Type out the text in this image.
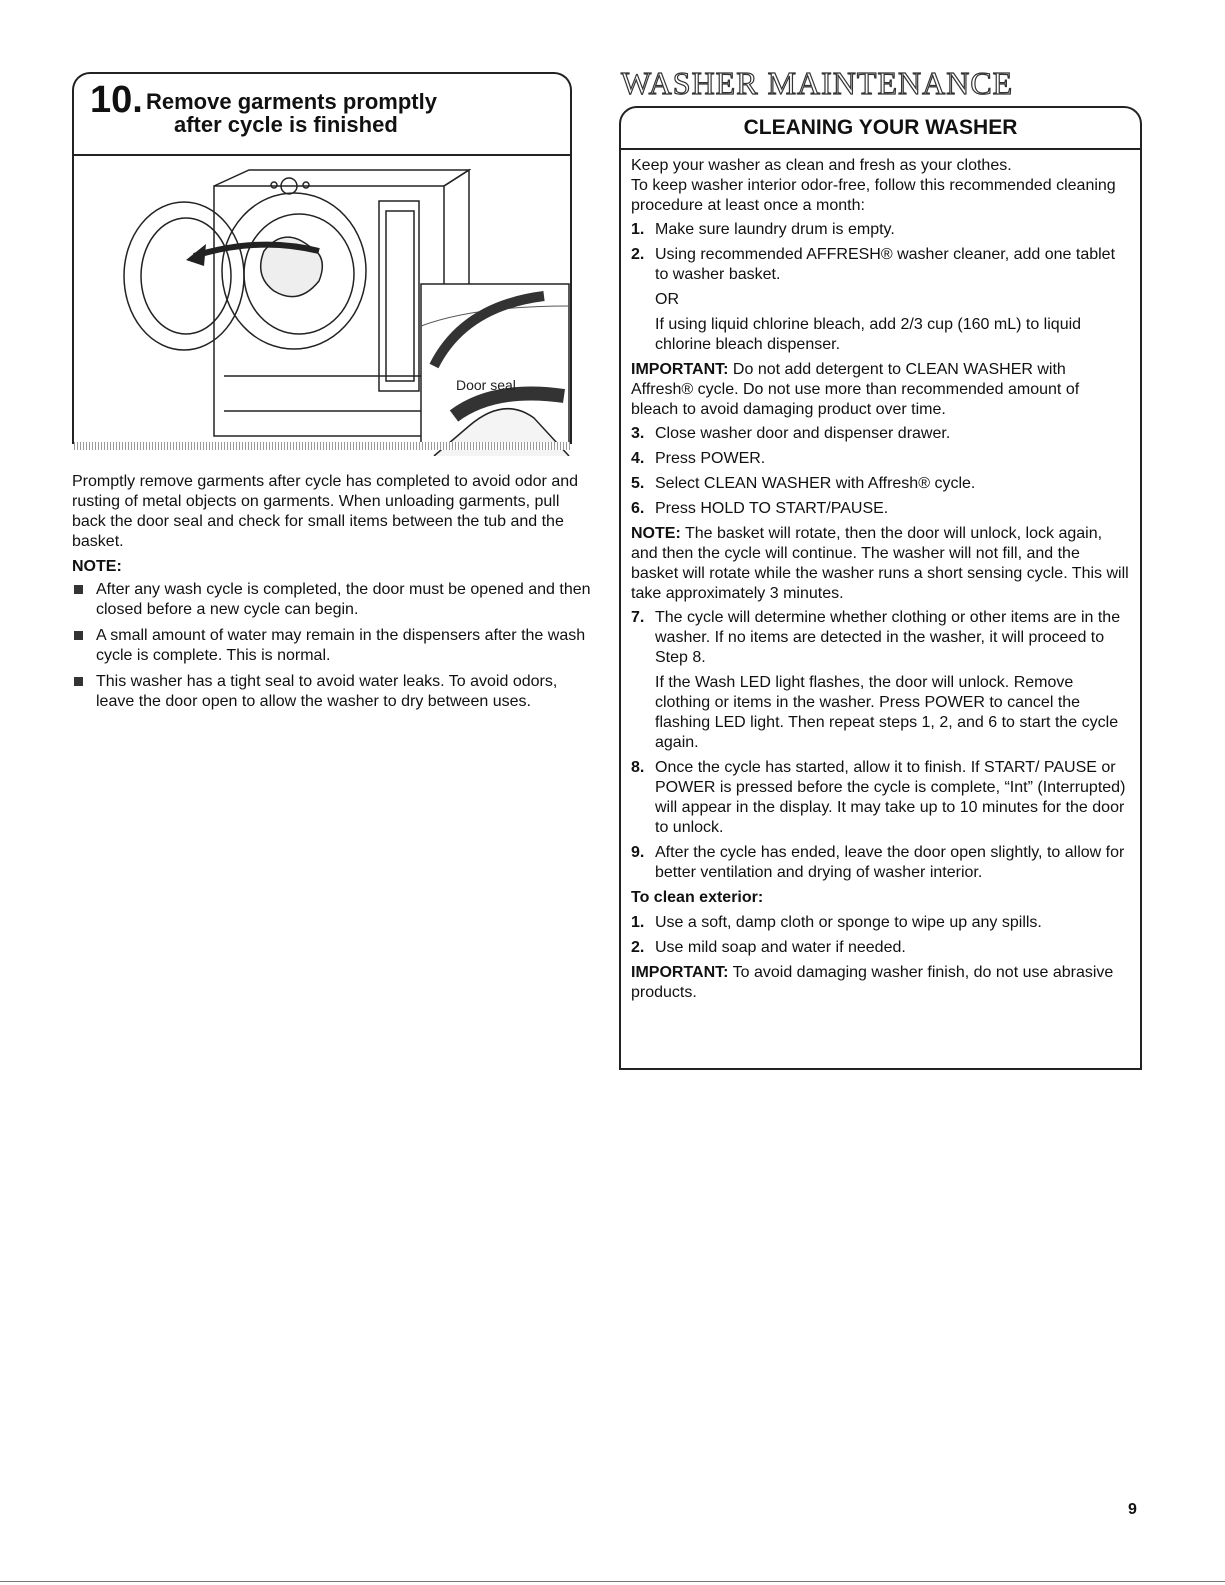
10. Remove garments promptly
after cycle is finished
Door seal

Promptly remove garments after cycle has completed to avoid odor and rusting of metal objects on garments. When unloading garments, pull back the door seal and check for small items between the tub and the basket.

NOTE:
After any wash cycle is completed, the door must be opened and then closed before a new cycle can begin.
A small amount of water may remain in the dispensers after the wash cycle is complete. This is normal.
This washer has a tight seal to avoid water leaks. To avoid odors, leave the door open to allow the washer to dry between uses.
WASHER MAINTENANCE
CLEANING YOUR WASHER

Keep your washer as clean and fresh as your clothes.

To keep washer interior odor-free, follow this recommended cleaning procedure at least once a month:

1. Make sure laundry drum is empty.
2. Using recommended AFFRESH® washer cleaner, add one tablet to washer basket.
OR
If using liquid chlorine bleach, add 2/3 cup (160 mL) to liquid chlorine bleach dispenser.

IMPORTANT: Do not add detergent to CLEAN WASHER with Affresh® cycle. Do not use more than recommended amount of bleach to avoid damaging product over time.

3. Close washer door and dispenser drawer.
4. Press POWER.
5. Select CLEAN WASHER with Affresh® cycle.
6. Press HOLD TO START/PAUSE.

NOTE: The basket will rotate, then the door will unlock, lock again, and then the cycle will continue. The washer will not fill, and the basket will rotate while the washer runs a short sensing cycle. This will take approximately 3 minutes.

7. The cycle will determine whether clothing or other items are in the washer. If no items are detected in the washer, it will proceed to Step 8.
If the Wash LED light flashes, the door will unlock. Remove clothing or items in the washer. Press POWER to cancel the flashing LED light. Then repeat steps 1, 2, and 6 to start the cycle again.
8. Once the cycle has started, allow it to finish. If START/ PAUSE or POWER is pressed before the cycle is complete, “Int” (Interrupted) will appear in the display. It may take up to 10 minutes for the door to unlock.
9. After the cycle has ended, leave the door open slightly, to allow for better ventilation and drying of washer interior.
To clean exterior:
1. Use a soft, damp cloth or sponge to wipe up any spills.
2. Use mild soap and water if needed.

IMPORTANT: To avoid damaging washer finish, do not use abrasive products.

9
